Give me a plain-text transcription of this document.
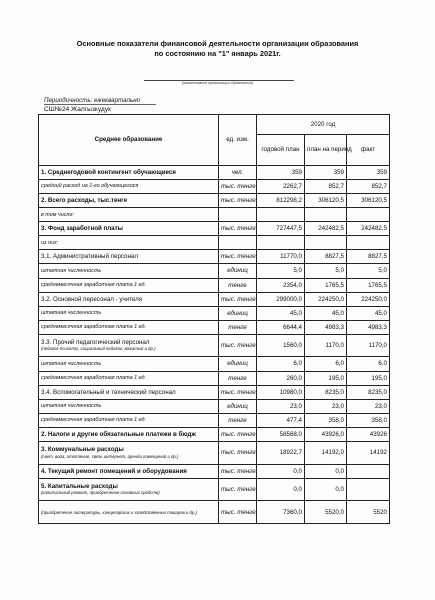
Основные показатели финансовой деятельности организации образования
по состоянию на "1" январь 2021г.
(наименование организации образования)
Периодичность: ежеквартально
СШ№24 Жалгызкудук
Среднее образование	ед. изм.	2020 год		
		годовой план	план на период	факт
1. Среднегодовой контингент обучающиеся	чел.	359	359	359
средний расход на 1-го обучающегося	тыс. тенге	2262,7	852,7	852,7
2. Всего расходы, тыс.тенге	тыс. тенге	812298,2	306120,5	306120,5
в том числе:				
3. Фонд заработной платы	тыс. тенге	727447,5	242482,5	242482,5
из них:				
3.1. Административный персонал	тыс. тенге	11770,0	8827,5	8827,5
штатная численность	единиц	5,0	5,0	5,0
среднемесячная заработная плата 1 ед.	тенге	2354,0	1765,5	1765,5
3.2. Основной пересонал - учителя	тыс. тенге	299000,0	224250,0	224250,0
штатная численность	единиц	45,0	45,0	45,0
среднемесячная заработная плата 1 ед.	тенге	6644,4	4983,3	4983,3
3.3. Прочий педагогический персонал
(педагог-психолог, социальный педагог, вожатый и др.)	тыс. тенге	1560,0	1170,0	1170,0
штатная численность	единиц	6,0	6,0	6,0
среднемесячная заработная плата 1 ед.	тенге	260,0	195,0	195,0
3.4. Вспомогательный и технический персонал	тыс. тенге	10980,0	8235,0	8235,0
штатная численность	единиц	23,0	23,0	23,0
среднемесячная заработная плата 1 ед.	тенге	477,4	358,0	358,0
2. Налоги и другие обязательные платежи в бюдж	тыс. тенге	58568,0	43926,0	43926
3. Коммунальные расходы
(свет, вода, отопление, связь интернет, аренда помещений и др.)	тыс. тенге	18922,7	14192,0	14192
4. Текущий ремонт помещений и оборудования	тыс. тенге	0,0	0,0	
5. Капитальные расходы
(капитальный ремонт, приобретение основных средств)	тыс. тенге	0,0	0,0	

(приобретение литературы, канцелярских и хозяйственных товаров и др.)	тыс. тенге	7360,0	5520,0	5520
